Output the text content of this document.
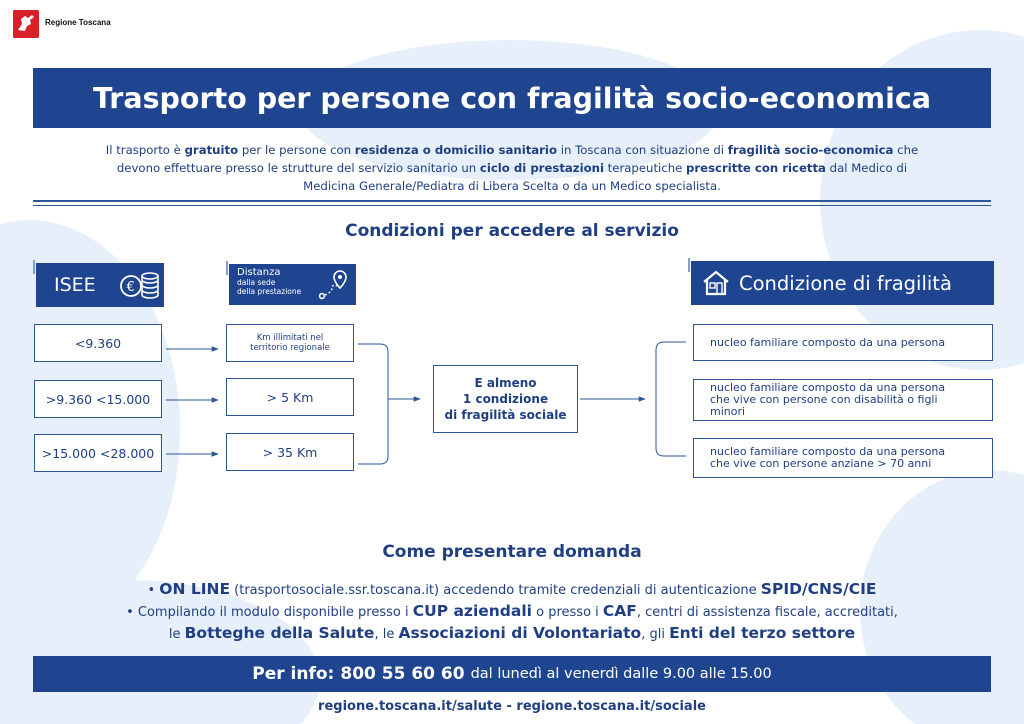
Regione Toscana
Trasporto per persone con fragilità socio-economica
Il trasporto è gratuito per le persone con residenza o domicilio sanitario in Toscana con situazione di fragilità socio-economica che devono effettuare presso le strutture del servizio sanitario un ciclo di prestazioni terapeutiche prescritte con ricetta dal Medico di Medicina Generale/Pediatra di Libera Scelta o da un Medico specialista.
Condizioni per accedere al servizio
ISEE €
Distanza
dalla sede
della prestazione	Condizione di fragilità
<9.360
>9.360 <15.000
>15.000 <28.000
Km illimitati nel territorio regionale
> 5 Km
> 35 Km
E almeno
1 condizione
di fragilità sociale
nucleo familiare composto da una persona
nucleo familiare composto da una persona che vive con persone con disabilità o figli minori
nucleo familiare composto da una persona che vive con persone anziane > 70 anni
Come presentare domanda
• ON LINE (trasportosociale.ssr.toscana.it) accedendo tramite credenziali di autenticazione SPID/CNS/CIE
• Compilando il modulo disponibile presso i CUP aziendali o presso i CAF, centri di assistenza fiscale, accreditati,
le Botteghe della Salute, le Associazioni di Volontariato, gli Enti del terzo settore
Per info: 800 55 60 60 dal lunedì al venerdì dalle 9.00 alle 15.00
regione.toscana.it/salute - regione.toscana.it/sociale
